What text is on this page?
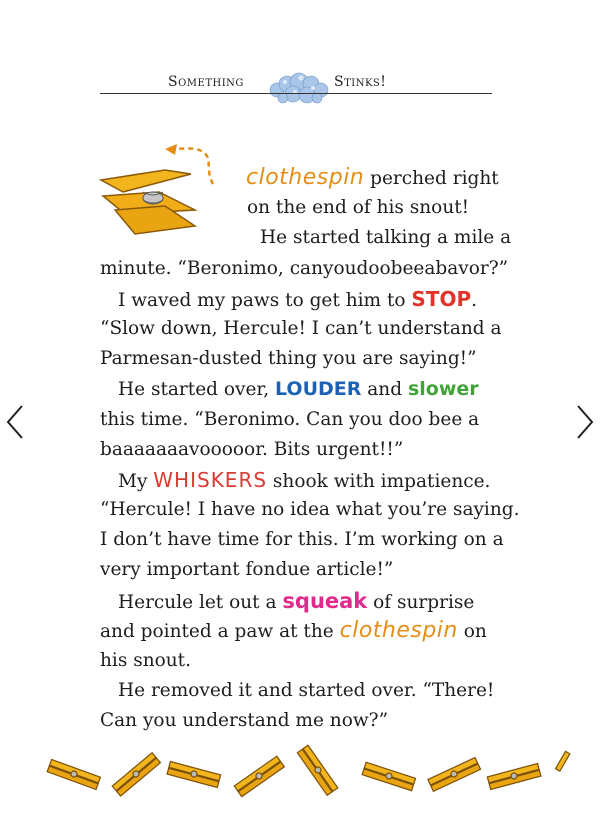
Something	Stinks!
clothespin perched right
on the end of his snout!
He started talking a mile a
minute. “Beronimo, canyoudoobeeabavor?”
I waved my paws to get him to STOP.
“Slow down, Hercule! I can’t understand a
Parmesan-dusted thing you are saying!”
He started over, LOUDER and slower
this time. “Beronimo. Can you doo bee a
baaaaaaavooooor. Bits urgent!!”
My WHISKERS shook with impatience.
“Hercule! I have no idea what you’re saying.
I don’t have time for this. I’m working on a
very important fondue article!”
Hercule let out a squeak of surprise
and pointed a paw at the clothespin on
his snout.
He removed it and started over. “There!
Can you understand me now?”
